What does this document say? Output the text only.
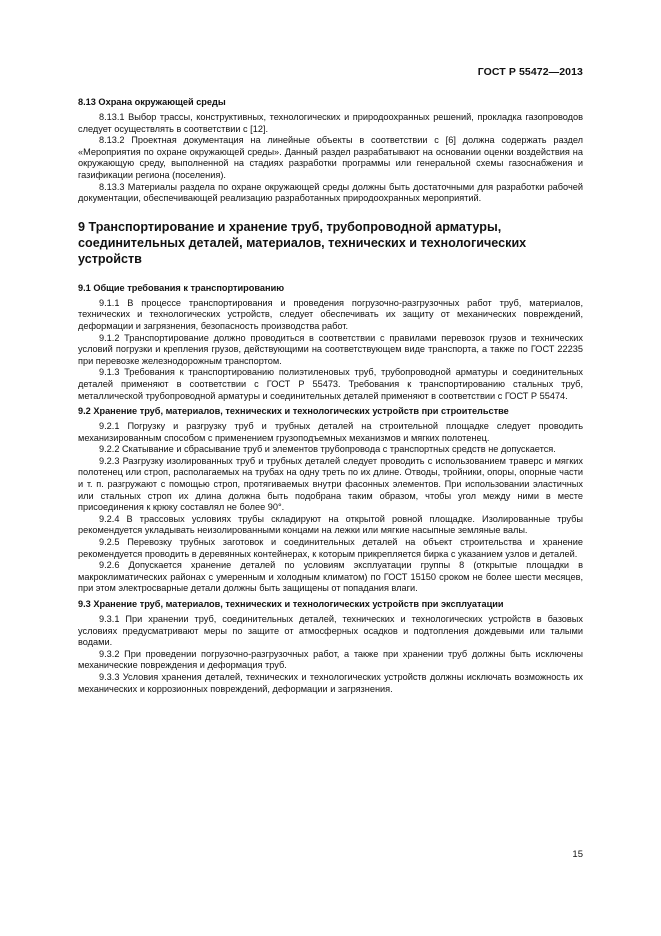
ГОСТ Р 55472—2013
8.13 Охрана окружающей среды

8.13.1 Выбор трассы, конструктивных, технологических и природоохранных решений, прокладка газопроводов следует осуществлять в соответствии с [12].

8.13.2 Проектная документация на линейные объекты в соответствии с [6] должна содержать раздел «Мероприятия по охране окружающей среды». Данный раздел разрабатывают на основании оценки воздействия на окружающую среду, выполненной на стадиях разработки программы или генеральной схемы газоснабжения и газификации региона (поселения).

8.13.3 Материалы раздела по охране окружающей среды должны быть достаточными для разработки рабочей документации, обеспечивающей реализацию разработанных природоохранных мероприятий.

9 Транспортирование и хранение труб, трубопроводной арматуры, соединительных деталей, материалов, технических и технологических устройств
9.1 Общие требования к транспортированию

9.1.1 В процессе транспортирования и проведения погрузочно-разгрузочных работ труб, материалов, технических и технологических устройств, следует обеспечивать их защиту от механических повреждений, деформации и загрязнения, безопасность производства работ.

9.1.2 Транспортирование должно проводиться в соответствии с правилами перевозок грузов и технических условий погрузки и крепления грузов, действующими на соответствующем виде транспорта, а также по ГОСТ 22235 при перевозке железнодорожным транспортом.

9.1.3 Требования к транспортированию полиэтиленовых труб, трубопроводной арматуры и соединительных деталей применяют в соответствии с ГОСТ Р 55473. Требования к транспортированию стальных труб, металлической трубопроводной арматуры и соединительных деталей применяют в соответствии с ГОСТ Р 55474.

9.2 Хранение труб, материалов, технических и технологических устройств при строительстве

9.2.1 Погрузку и разгрузку труб и трубных деталей на строительной площадке следует проводить механизированным способом с применением грузоподъемных механизмов и мягких полотенец.

9.2.2 Скатывание и сбрасывание труб и элементов трубопровода с транспортных средств не допускается.

9.2.3 Разгрузку изолированных труб и трубных деталей следует проводить с использованием траверс и мягких полотенец или строп, располагаемых на трубах на одну треть по их длине. Отводы, тройники, опоры, опорные части и т. п. разгружают с помощью строп, протягиваемых внутри фасонных элементов. При использовании эластичных или стальных строп их длина должна быть подобрана таким образом, чтобы угол между ними в месте присоединения к крюку составлял не более 90°.

9.2.4 В трассовых условиях трубы складируют на открытой ровной площадке. Изолированные трубы рекомендуется укладывать неизолированными концами на лежки или мягкие насыпные земляные валы.

9.2.5 Перевозку трубных заготовок и соединительных деталей на объект строительства и хранение рекомендуется проводить в деревянных контейнерах, к которым прикрепляется бирка с указанием узлов и деталей.

9.2.6 Допускается хранение деталей по условиям эксплуатации группы 8 (открытые площадки в макроклиматических районах с умеренным и холодным климатом) по ГОСТ 15150 сроком не более шести месяцев, при этом электросварные детали должны быть защищены от попадания влаги.

9.3 Хранение труб, материалов, технических и технологических устройств при эксплуатации

9.3.1 При хранении труб, соединительных деталей, технических и технологических устройств в базовых условиях предусматривают меры по защите от атмосферных осадков и подтопления дождевыми или талыми водами.

9.3.2 При проведении погрузочно-разгрузочных работ, а также при хранении труб должны быть исключены механические повреждения и деформация труб.

9.3.3 Условия хранения деталей, технических и технологических устройств должны исключать возможность их механических и коррозионных повреждений, деформации и загрязнения.

15
